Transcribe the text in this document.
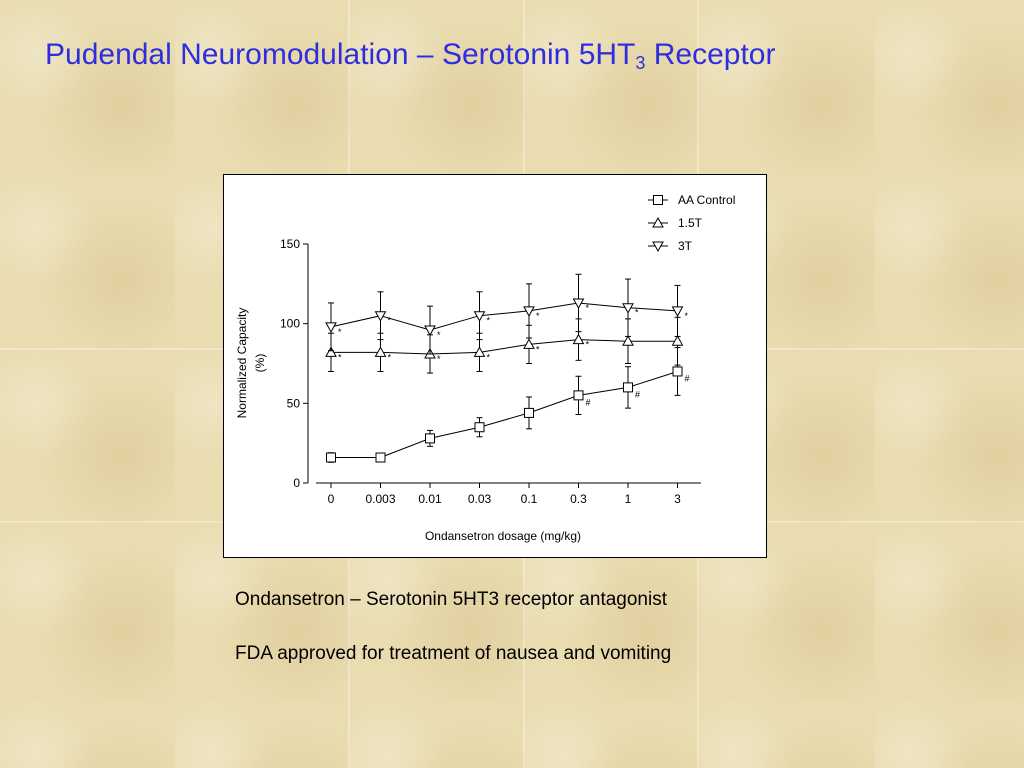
Pudendal Neuromodulation – Serotonin $5HT_3$ Receptor
0
50
100
150
0	0.003 0.01 0.03 0.1	0.3	1	3
Ondansetron dosage (mg/kg)
Normalized Capacity (%)
#
#
#
*	*	*	*
*	*
*
*
*
*	*
*	*	*
AA Control
1.5T
3T
Ondansetron – Serotonin 5HT3 receptor antagonist
FDA approved for treatment of nausea and vomiting
